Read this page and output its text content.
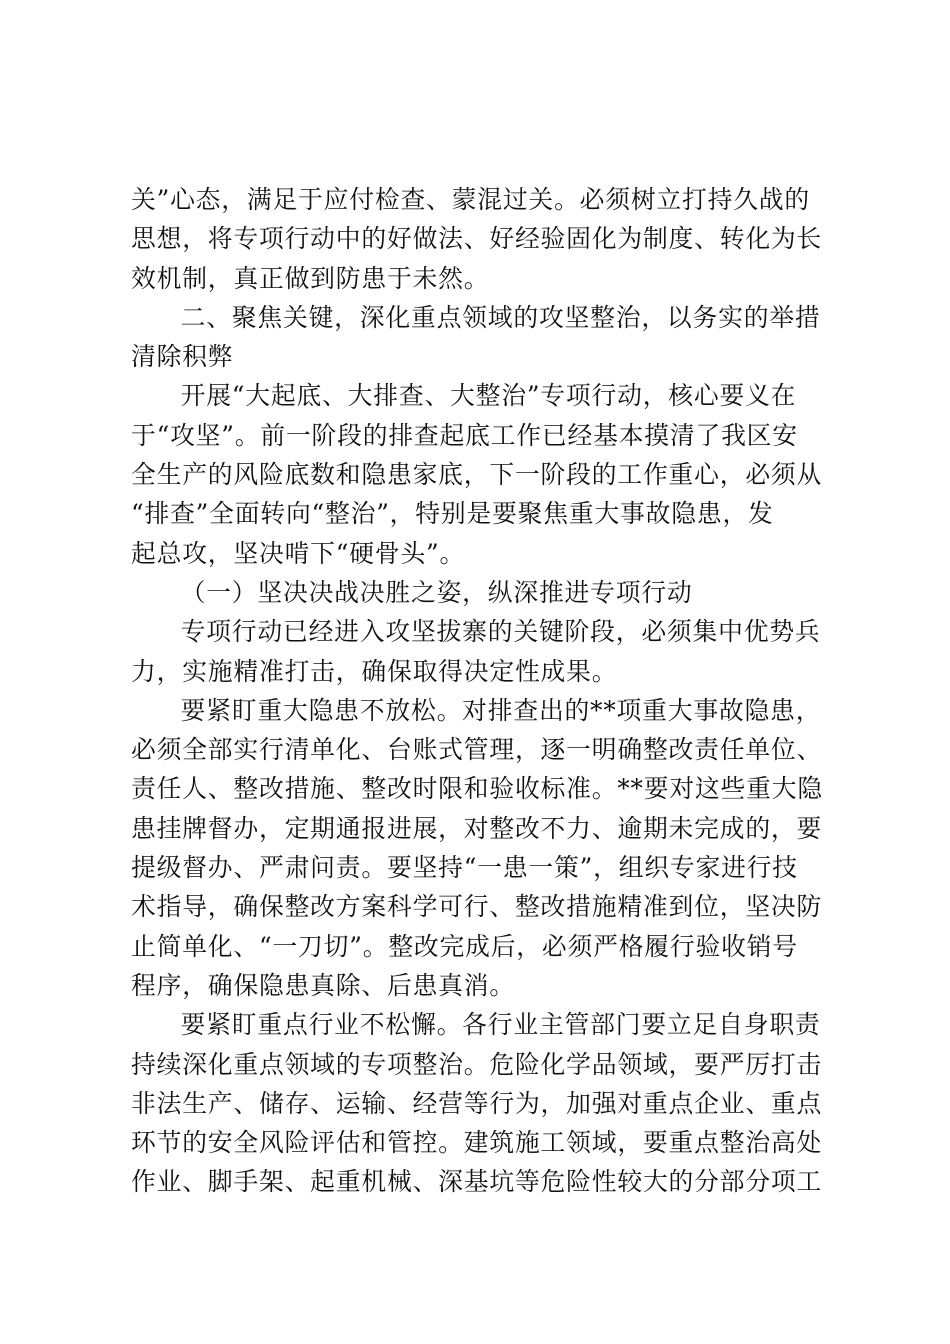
关”心态，满足于应付检查、蒙混过关。必须树立打持久战的
思想，将专项行动中的好做法、好经验固化为制度、转化为长
效机制，真正做到防患于未然。

二、聚焦关键，深化重点领域的攻坚整治，以务实的举措
清除积弊

开展“大起底、大排查、大整治”专项行动，核心要义在
于“攻坚”。前一阶段的排查起底工作已经基本摸清了我区安
全生产的风险底数和隐患家底，下一阶段的工作重心，必须从
“排查”全面转向“整治”，特别是要聚焦重大事故隐患，发
起总攻，坚决啃下“硬骨头”。

（一）坚决决战决胜之姿，纵深推进专项行动

专项行动已经进入攻坚拔寨的关键阶段，必须集中优势兵
力，实施精准打击，确保取得决定性成果。

要紧盯重大隐患不放松。对排查出的**项重大事故隐患，
必须全部实行清单化、台账式管理，逐一明确整改责任单位、
责任人、整改措施、整改时限和验收标准。**要对这些重大隐
患挂牌督办，定期通报进展，对整改不力、逾期未完成的，要
提级督办、严肃问责。要坚持“一患一策”，组织专家进行技
术指导，确保整改方案科学可行、整改措施精准到位，坚决防
止简单化、“一刀切”。整改完成后，必须严格履行验收销号
程序，确保隐患真除、后患真消。

要紧盯重点行业不松懈。各行业主管部门要立足自身职责
持续深化重点领域的专项整治。危险化学品领域，要严厉打击
非法生产、储存、运输、经营等行为，加强对重点企业、重点
环节的安全风险评估和管控。建筑施工领域，要重点整治高处
作业、脚手架、起重机械、深基坑等危险性较大的分部分项工
